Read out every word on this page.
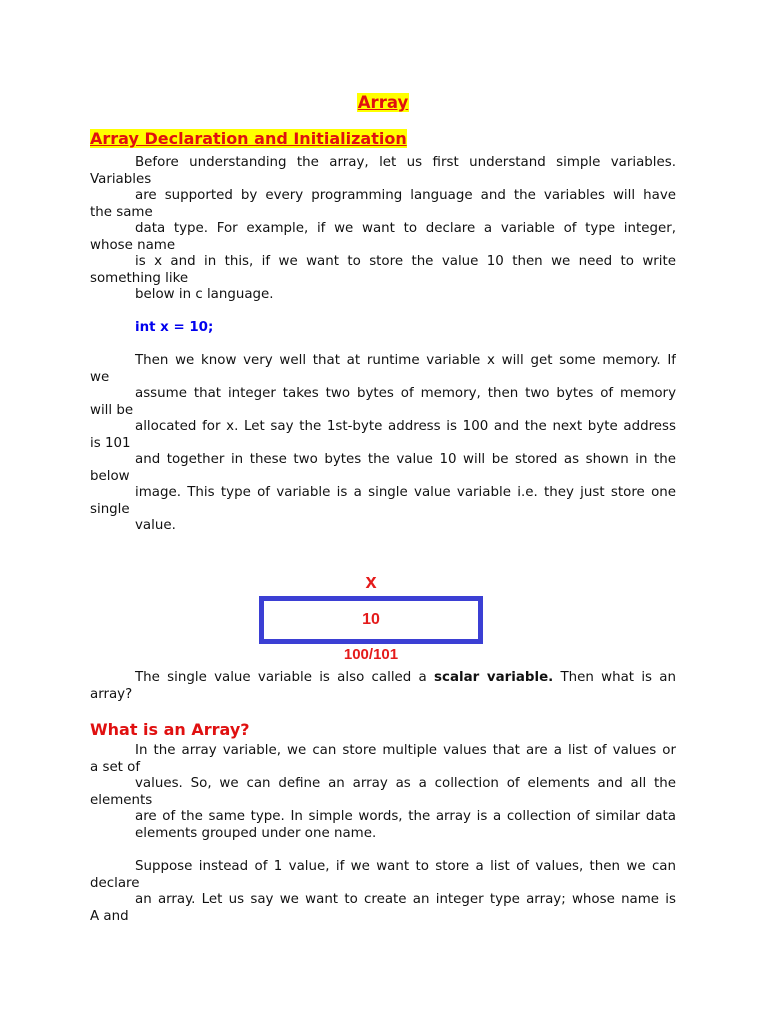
Array
Array Declaration and Initialization
Before understanding the array, let us first understand simple variables.
Variables
are supported by every programming language and the variables will have
the same
data type. For example, if we want to declare a variable of type integer,
whose name
is x and in this, if we want to store the value 10 then we need to write
something like
below in c language.
int x = 10;
Then we know very well that at runtime variable x will get some memory. If
we
assume that integer takes two bytes of memory, then two bytes of memory
will be
allocated for x. Let say the 1st-byte address is 100 and the next byte address
is 101
and together in these two bytes the value 10 will be stored as shown in the
below
image. This type of variable is a single value variable i.e. they just store one
single
value.
x
10
100/101
The single value variable is also called a scalar variable. Then what is an
array?
What is an Array?
In the array variable, we can store multiple values that are a list of values or
a set of
values. So, we can define an array as a collection of elements and all the
elements
are of the same type. In simple words, the array is a collection of similar data
elements grouped under one name.
Suppose instead of 1 value, if we want to store a list of values, then we can
declare
an array. Let us say we want to create an integer type array; whose name is
A and
